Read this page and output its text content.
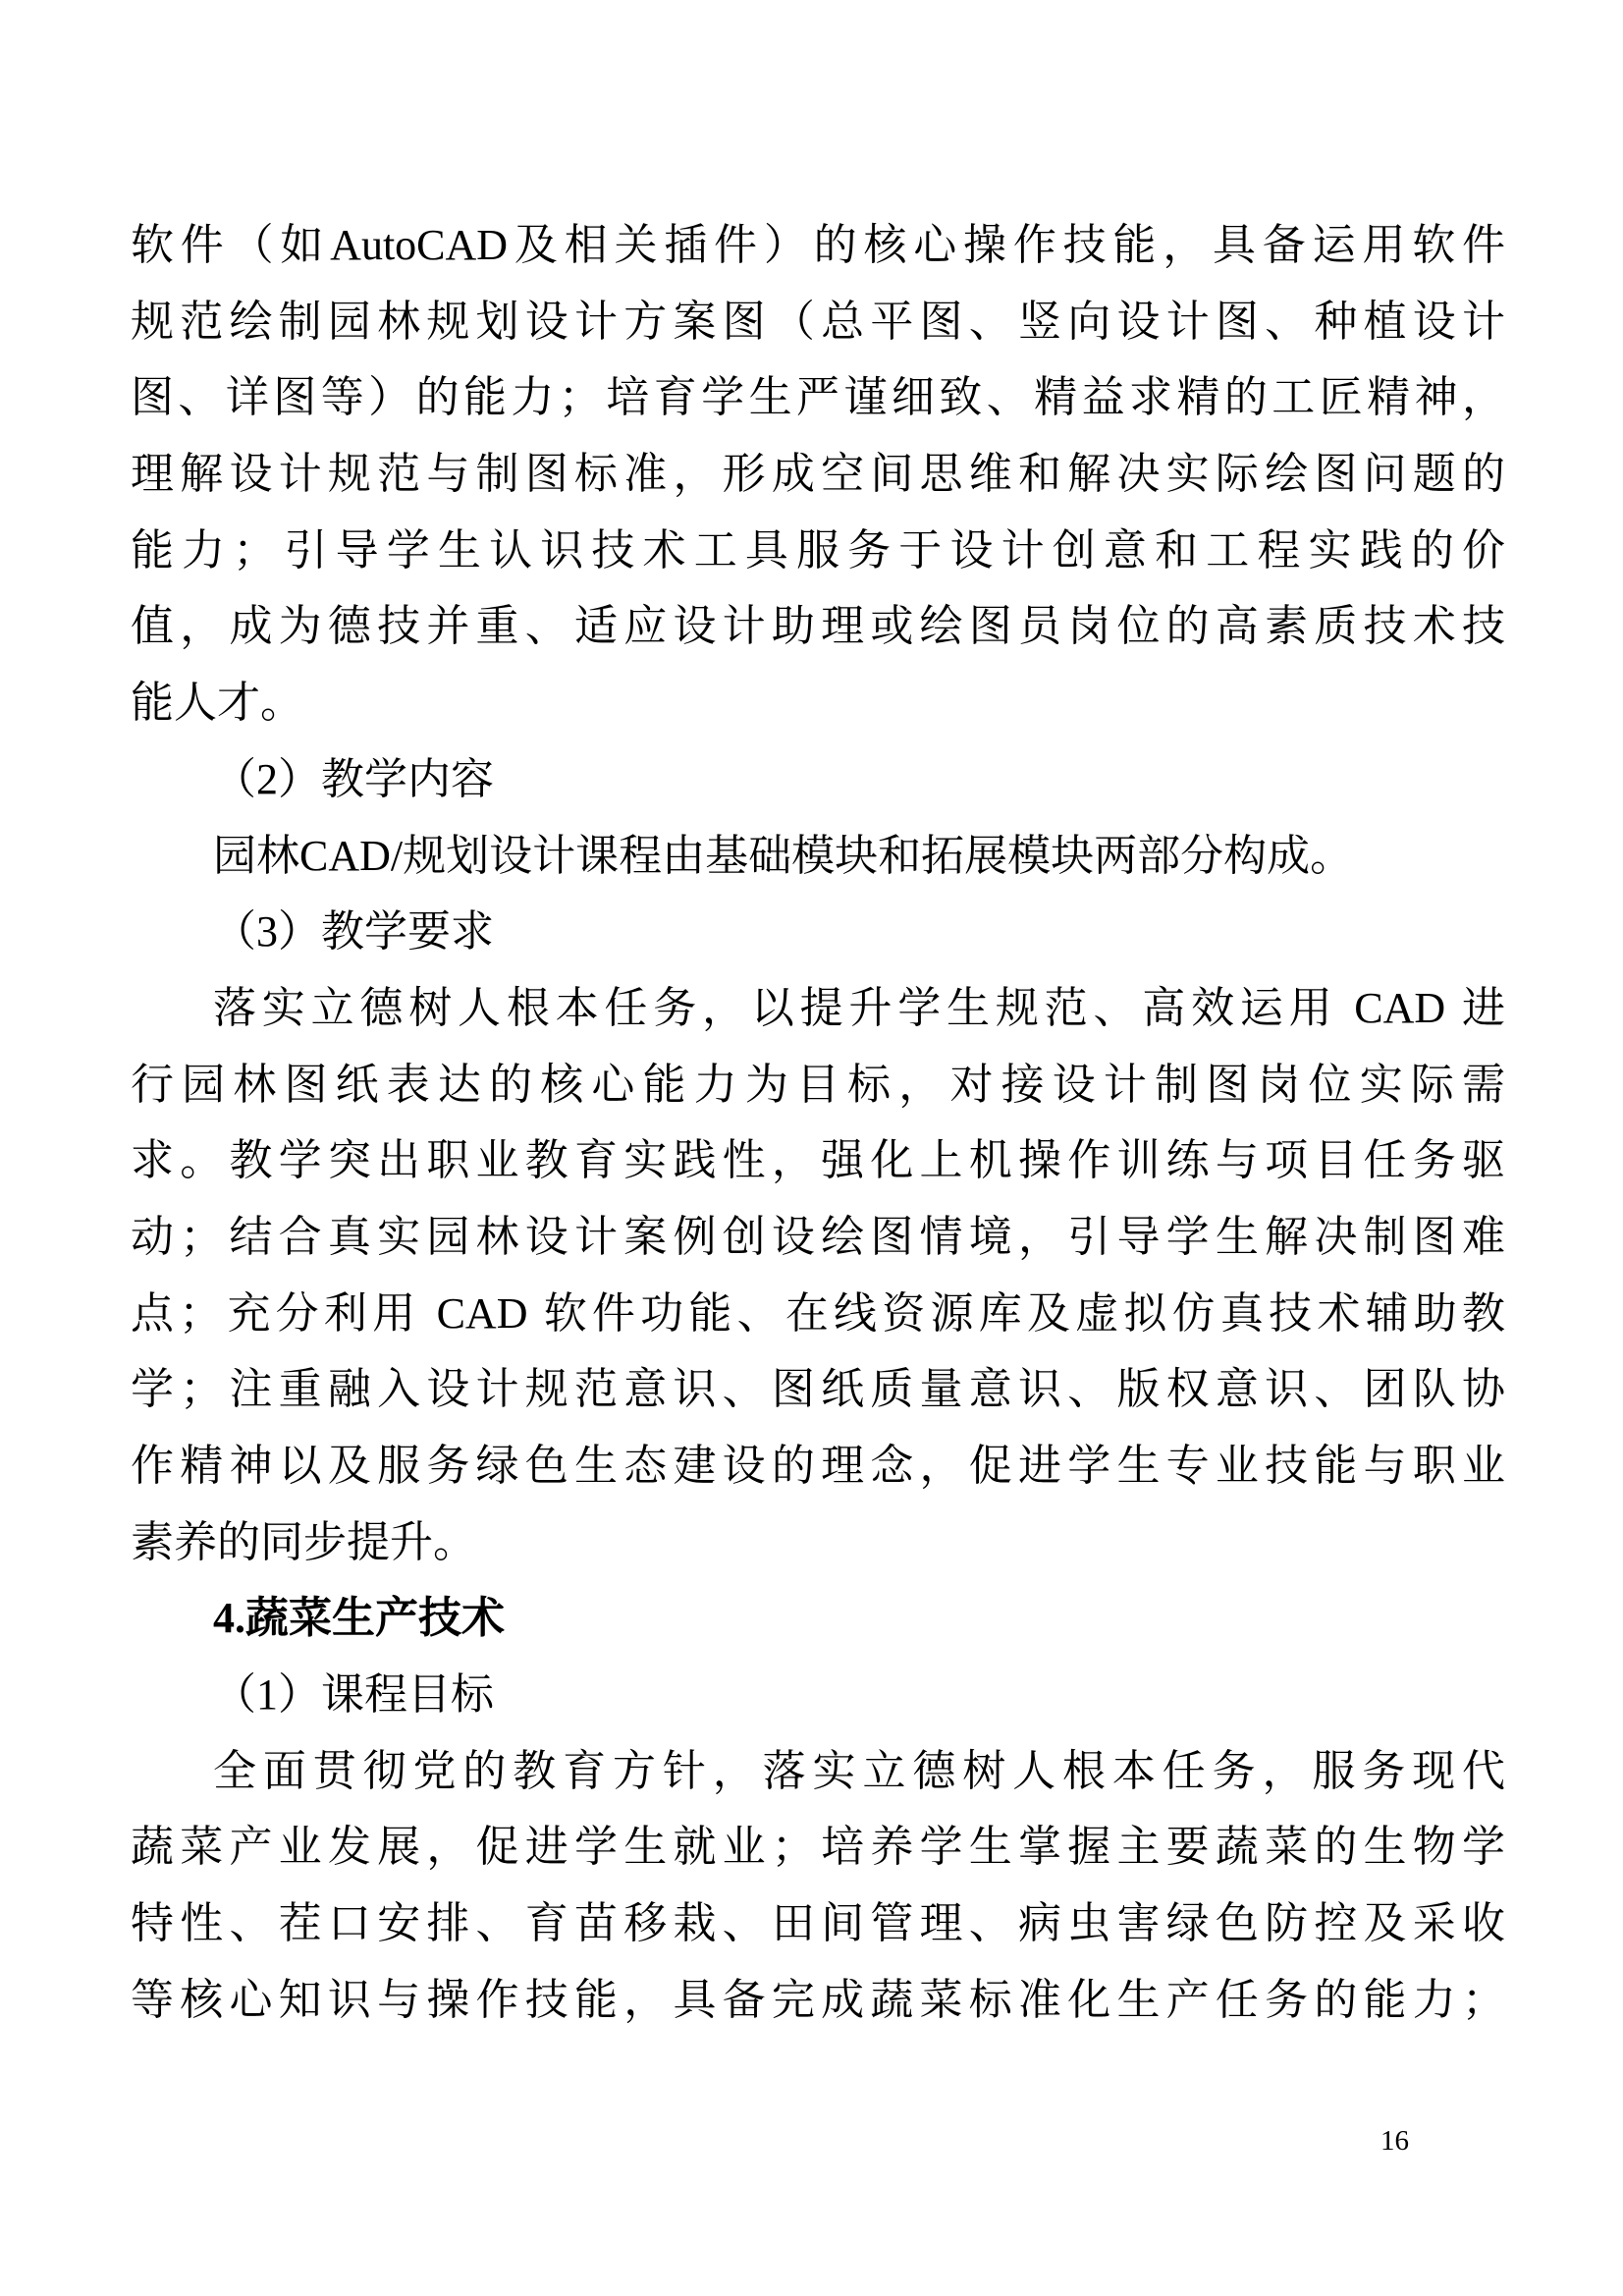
软件（如AutoCAD及相关插件）的核心操作技能，具备运用软件
规范绘制园林规划设计方案图（总平图、竖向设计图、种植设计
图、详图等）的能力；培育学生严谨细致、精益求精的工匠精神，
理解设计规范与制图标准，形成空间思维和解决实际绘图问题的
能力；引导学生认识技术工具服务于设计创意和工程实践的价
值，成为德技并重、适应设计助理或绘图员岗位的高素质技术技
能人才。
（2）教学内容
园林CAD/规划设计课程由基础模块和拓展模块两部分构成。
（3）教学要求
落实立德树人根本任务，以提升学生规范、高效运用 CAD 进
行园林图纸表达的核心能力为目标，对接设计制图岗位实际需
求。教学突出职业教育实践性，强化上机操作训练与项目任务驱
动；结合真实园林设计案例创设绘图情境，引导学生解决制图难
点；充分利用 CAD 软件功能、在线资源库及虚拟仿真技术辅助教
学；注重融入设计规范意识、图纸质量意识、版权意识、团队协
作精神以及服务绿色生态建设的理念，促进学生专业技能与职业
素养的同步提升。
4.蔬菜生产技术
（1）课程目标
全面贯彻党的教育方针，落实立德树人根本任务，服务现代
蔬菜产业发展，促进学生就业；培养学生掌握主要蔬菜的生物学
特性、茬口安排、育苗移栽、田间管理、病虫害绿色防控及采收
等核心知识与操作技能，具备完成蔬菜标准化生产任务的能力；
16
